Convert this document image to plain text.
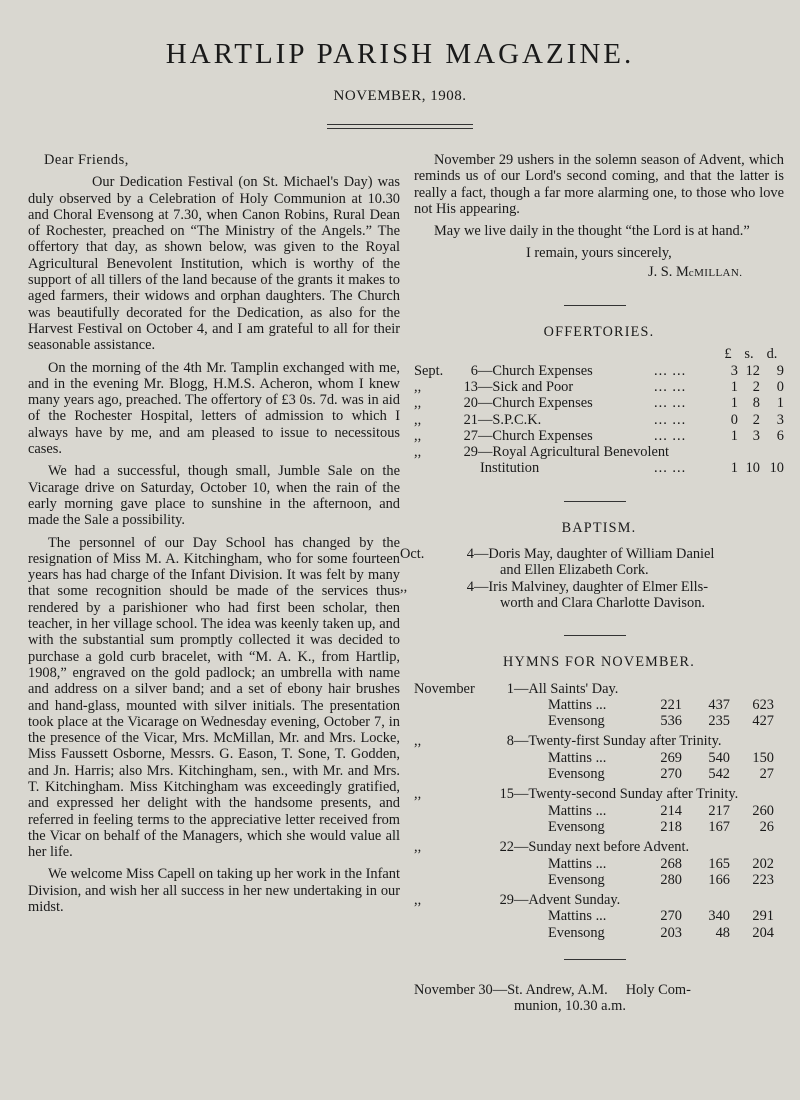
HARTLIP PARISH MAGAZINE.
NOVEMBER, 1908.
Dear Friends,

Our Dedication Festival (on St. Michael's Day) was duly observed by a Celebration of Holy Communion at 10.30 and Choral Evensong at 7.30, when Canon Robins, Rural Dean of Rochester, preached on “The Ministry of the Angels.” The offertory that day, as shown below, was given to the Royal Agricultural Benevolent Institution, which is worthy of the support of all tillers of the land because of the grants it makes to aged farmers, their widows and orphan daughters. The Church was beautifully decorated for the Dedication, as also for the Harvest Festival on October 4, and I am grateful to all for their seasonable assistance.

On the morning of the 4th Mr. Tamplin exchanged with me, and in the evening Mr. Blogg, H.M.S. Acheron, whom I knew many years ago, preached. The offertory of £3 0s. 7d. was in aid of the Rochester Hospital, letters of admission to which I always have by me, and am pleased to issue to necessitous cases.

We had a successful, though small, Jumble Sale on the Vicarage drive on Saturday, October 10, when the rain of the early morning gave place to sunshine in the afternoon, and made the Sale a possibility.

The personnel of our Day School has changed by the resignation of Miss M. A. Kitchingham, who for some fourteen years has had charge of the Infant Division. It was felt by many that some recognition should be made of the services thus rendered by a parishioner who had first been scholar, then teacher, in her village school. The idea was keenly taken up, and with the substantial sum promptly collected it was decided to purchase a gold curb bracelet, with “M. A. K., from Hartlip, 1908,” engraved on the gold padlock; an umbrella with name and address on a silver band; and a set of ebony hair brushes and hand-glass, mounted with silver initials. The presentation took place at the Vicarage on Wednesday evening, October 7, in the presence of the Vicar, Mrs. McMillan, Mr. and Mrs. Locke, Miss Faussett Osborne, Messrs. G. Eason, T. Sone, T. Godden, and Jn. Harris; also Mrs. Kitchingham, sen., with Mr. and Mrs. T. Kitchingham. Miss Kitchingham was exceedingly gratified, and expressed her delight with the handsome presents, and referred in feeling terms to the appreciative letter received from the Vicar on behalf of the Managers, which she would value all her life.

We welcome Miss Capell on taking up her work in the Infant Division, and wish her all success in her new undertaking in our midst.

November 29 ushers in the solemn season of Advent, which reminds us of our Lord's second coming, and that the latter is really a fact, though a far more alarming one, to those who love not His appearing.

May we live daily in the thought “the Lord is at hand.”

I remain, yours sincerely,
J. S. McMILLAN.
OFFERTORIES.
£ s. d.
Sept.	6 —Church Expenses	... ...	3 12	9
,,	13 —Sick and Poor	... ...	1	2	0
,,	20 —Church Expenses	... ...	1	8	1
,,	21 —S.P.C.K.	... ...	0	2	3
,,	27 —Church Expenses	... ...	1	3	6
,,	29 —Royal Agricultural Benevolent
Institution	... ...	1 10 10
BAPTISM.
Oct.	4 —Doris May, daughter of William Daniel
and Ellen Elizabeth Cork.
,,	4 —Iris Malviney, daughter of Elmer Ells-
worth and Clara Charlotte Davison.
HYMNS FOR NOVEMBER.
November	1 —All Saints' Day.
Mattins ...	221	437	623
Evensong	536	235	427
,,	8 —Twenty-first Sunday after Trinity.
Mattins ...	269	540	150
Evensong	270	542	27
,,	15 —Twenty-second Sunday after Trinity.
Mattins ...	214	217	260
Evensong	218	167	26
,,	22 —Sunday next before Advent.
Mattins ...	268	165	202
Evensong	280	166	223
,,	29 —Advent Sunday.
Mattins ...	270	340	291
Evensong	203	48	204
November 30—St. Andrew, A.M.     Holy Com-
munion, 10.30 a.m.
